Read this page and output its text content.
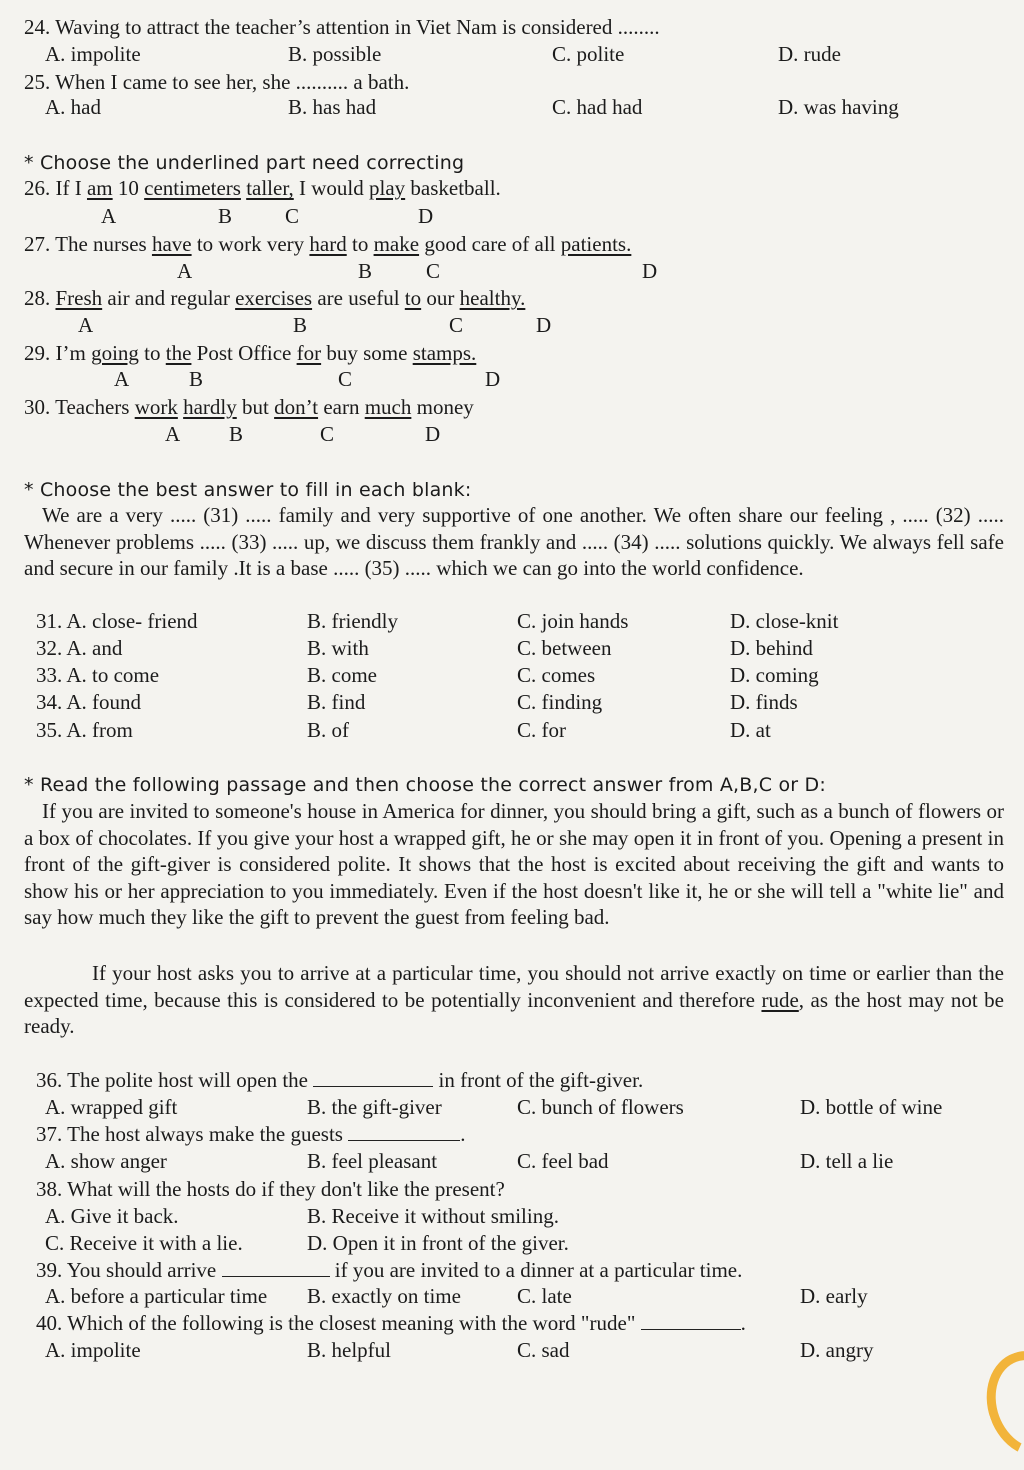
24. Waving to attract the teacher’s attention in Viet Nam is considered ........
A. impolite	B. possible	C. polite	D. rude
25. When I came to see her, she .......... a bath.
A. had	B. has had	C. had had	D. was having
* Choose the underlined part need correcting
26. If I am 10 centimeters taller, I would play basketball.
A	B	C	D
27. The nurses have to work very hard to make good care of all patients.
A	B	C	D
28. Fresh air and regular exercises are useful to our healthy.
A	B	C	D
29. I’m going to the Post Office for buy some stamps.
A	B	C	D
30. Teachers work hardly but don’t earn much money
A B	C	D
* Choose the best answer to fill in each blank:
We are a very ..... (31) ..... family and very supportive of one another. We often share our feeling , ..... (32) ..... Whenever problems ..... (33) ..... up, we discuss them frankly and ..... (34) ..... solutions quickly. We always fell safe and secure in our family .It is a base ..... (35) ..... which we can go into the world confidence.
31. A. close- friend	B. friendly	C. join hands	D. close-knit
32. A. and	B. with	C. between	D. behind
33. A. to come	B. come	C. comes	D. coming
34. A. found	B. find	C. finding	D. finds
35. A. from	B. of	C. for	D. at
* Read the following passage and then choose the correct answer from A,B,C or D:
If you are invited to someone's house in America for dinner, you should bring a gift, such as a bunch of flowers or a box of chocolates. If you give your host a wrapped gift, he or she may open it in front of you. Opening a present in front of the gift-giver is considered polite. It shows that the host is excited about receiving the gift and wants to show his or her appreciation to you immediately. Even if the host doesn't like it, he or she will tell a "white lie" and say how much they like the gift to prevent the guest from feeling bad.
If your host asks you to arrive at a particular time, you should not arrive exactly on time or earlier than the expected time, because this is considered to be potentially inconvenient and therefore rude, as the host may not be ready.
36. The polite host will open the	in front of the gift-giver.
A. wrapped gift	B. the gift-giver	C. bunch of flowers	D. bottle of wine
37. The host always make the guests	.
A. show anger	B. feel pleasant	C. feel bad	D. tell a lie
38. What will the hosts do if they don't like the present?
A. Give it back.	B. Receive it without smiling.
C. Receive it with a lie.	D. Open it in front of the giver.
39. You should arrive	if you are invited to a dinner at a particular time.
A. before a particular time B. exactly on time	C. late	D. early
40. Which of the following is the closest meaning with the word "rude"	.
A. impolite	B. helpful	C. sad	D. angry
